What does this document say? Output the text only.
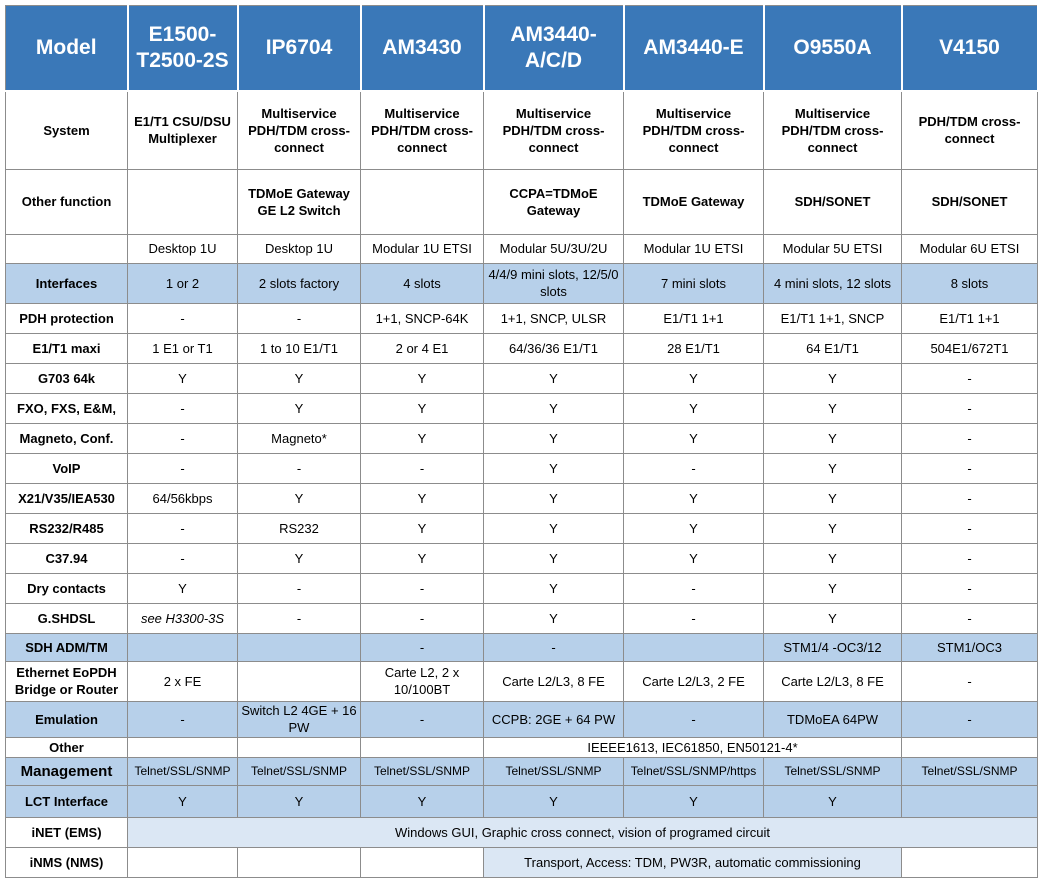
Model	E1500-T2500-2S	IP6704	AM3430	AM3440-A/C/D	AM3440-E	O9550A	V4150
System	E1/T1 CSU/DSU Multiplexer	Multiservice PDH/TDM cross-connect	Multiservice PDH/TDM cross-connect	Multiservice PDH/TDM cross-connect	Multiservice PDH/TDM cross-connect	Multiservice PDH/TDM cross-connect	PDH/TDM cross-connect
Other function		TDMoE Gateway GE L2 Switch		CCPA=TDMoE Gateway	TDMoE Gateway	SDH/SONET	SDH/SONET
	Desktop 1U	Desktop 1U	Modular 1U ETSI	Modular 5U/3U/2U	Modular 1U ETSI	Modular 5U ETSI	Modular 6U ETSI
Interfaces	1 or 2	2 slots factory	4 slots	4/4/9 mini slots, 12/5/0 slots	7 mini slots	4 mini slots, 12 slots	8 slots
PDH protection	-	-	1+1, SNCP-64K	1+1, SNCP, ULSR	E1/T1 1+1	E1/T1 1+1, SNCP	E1/T1 1+1
E1/T1 maxi	1 E1 or T1	1 to 10 E1/T1	2 or 4 E1	64/36/36 E1/T1	28 E1/T1	64 E1/T1	504E1/672T1
G703 64k	Y	Y	Y	Y	Y	Y	-
FXO, FXS, E&M,	-	Y	Y	Y	Y	Y	-
Magneto, Conf.	-	Magneto*	Y	Y	Y	Y	-
VoIP	-	-	-	Y	-	Y	-
X21/V35/IEA530	64/56kbps	Y	Y	Y	Y	Y	-
RS232/R485	-	RS232	Y	Y	Y	Y	-
C37.94	-	Y	Y	Y	Y	Y	-
Dry contacts	Y	-	-	Y	-	Y	-
G.SHDSL	see H3300-3S	-	-	Y	-	Y	-
SDH ADM/TM			-	-		STM1/4 -OC3/12	STM1/OC3
Ethernet EoPDH
Bridge or Router	2 x FE		Carte L2, 2 x 10/100BT	Carte L2/L3, 8 FE	Carte L2/L3, 2 FE	Carte L2/L3, 8 FE	-
Emulation	-	Switch L2 4GE + 16 PW	-	CCPB: 2GE + 64 PW	-	TDMoEA 64PW	-
Other				IEEEE1613, IEC61850, EN50121-4*			
Management	Telnet/SSL/SNMP	Telnet/SSL/SNMP	Telnet/SSL/SNMP	Telnet/SSL/SNMP	Telnet/SSL/SNMP/https	Telnet/SSL/SNMP	Telnet/SSL/SNMP
LCT Interface	Y	Y	Y	Y	Y	Y	
iNET (EMS)	Windows GUI, Graphic cross connect, vision of programed circuit						
iNMS (NMS)				Transport, Access: TDM, PW3R, automatic commissioning			
